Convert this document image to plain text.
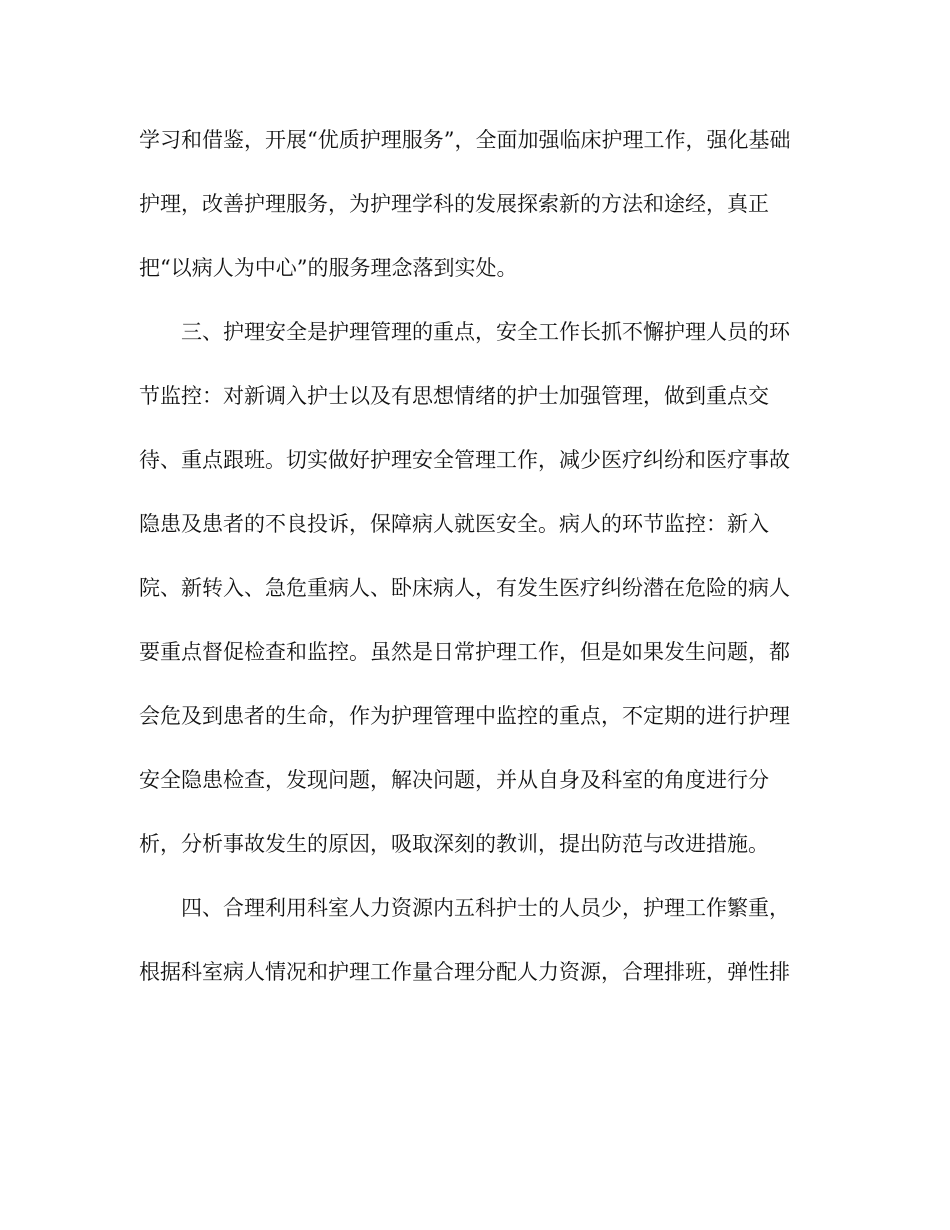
学习和借鉴，开展“优质护理服务”，全面加强临床护理工作，强化基础
护理，改善护理服务，为护理学科的发展探索新的方法和途经，真正
把“以病人为中心”的服务理念落到实处。
三、护理安全是护理管理的重点，安全工作长抓不懈护理人员的环
节监控：对新调入护士以及有思想情绪的护士加强管理，做到重点交
待、重点跟班。切实做好护理安全管理工作，减少医疗纠纷和医疗事故
隐患及患者的不良投诉，保障病人就医安全。病人的环节监控：新入
院、新转入、急危重病人、卧床病人，有发生医疗纠纷潜在危险的病人
要重点督促检查和监控。虽然是日常护理工作，但是如果发生问题，都
会危及到患者的生命，作为护理管理中监控的重点，不定期的进行护理
安全隐患检查，发现问题，解决问题，并从自身及科室的角度进行分
析，分析事故发生的原因，吸取深刻的教训，提出防范与改进措施。
四、合理利用科室人力资源内五科护士的人员少，护理工作繁重，
根据科室病人情况和护理工作量合理分配人力资源，合理排班，弹性排
